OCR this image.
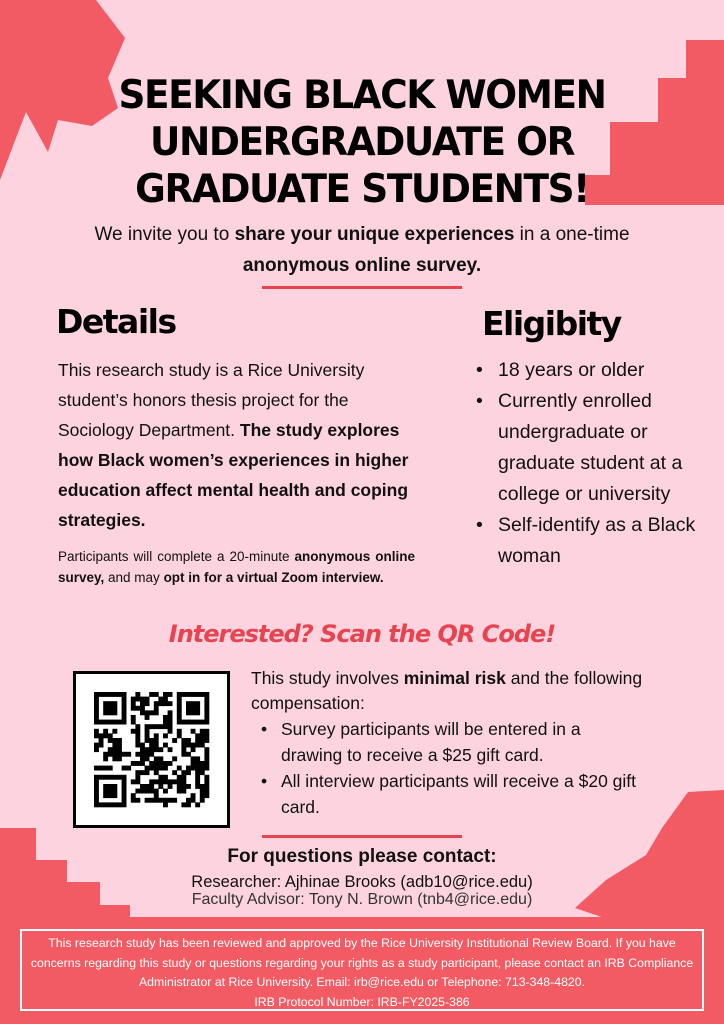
SEEKING BLACK WOMEN
UNDERGRADUATE OR
GRADUATE STUDENTS!
We invite you to share your unique experiences in a one-time
anonymous online survey.
Details	Eligibity
This research study is a Rice University student’s honors thesis project for the Sociology Department. The study explores how Black women’s experiences in higher education affect mental health and coping strategies.
Participants will complete a 20-minute anonymous online survey, and may opt in for a virtual Zoom interview.
• 18 years or older
• Currently enrolled undergraduate or graduate student at a college or university
• Self-identify as a Black woman
Interested? Scan the QR Code!
This study involves minimal risk and the following compensation:
• Survey participants will be entered in a drawing to receive a $25 gift card.
• All interview participants will receive a $20 gift card.
For questions please contact:
Researcher: Ajhinae Brooks (adb10@rice.edu)
Faculty Advisor: Tony N. Brown (tnb4@rice.edu)
This research study has been reviewed and approved by the Rice University Institutional Review Board. If you have concerns regarding this study or questions regarding your rights as a study participant, please contact an IRB Compliance Administrator at Rice University. Email: irb@rice.edu or Telephone: 713-348-4820.
IRB Protocol Number: IRB-FY2025-386
